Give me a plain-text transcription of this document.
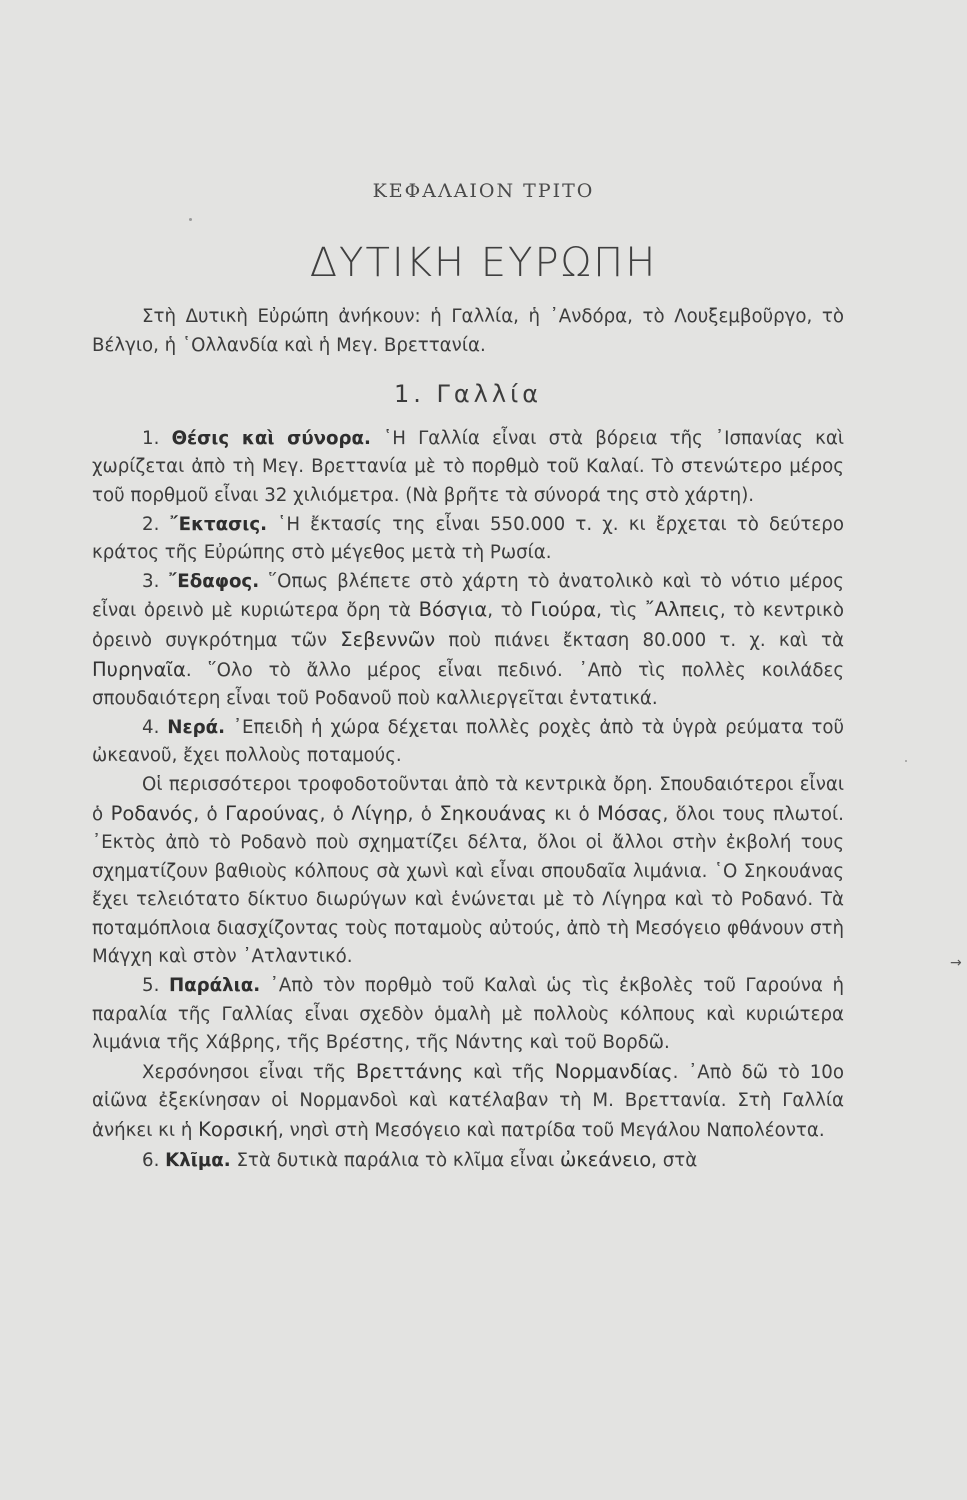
ΚΕΦΑΛΑΙΟΝ ΤΡΙΤΟ
ΔΥΤΙΚΗ ΕΥΡΩΠΗ

Στὴ Δυτικὴ Εὐρώπη ἀνήκουν: ἡ Γαλλία, ἡ ᾿Ανδόρα, τὸ Λουξεμβοῦργο, τὸ Βέλγιο, ἡ ῾Ολλανδία καὶ ἡ Μεγ. Βρεττανία.

1. Γαλλία

1. Θέσις καὶ σύνορα. ῾Η Γαλλία εἶναι στὰ βόρεια τῆς ᾿Ισπανίας καὶ χωρίζεται ἀπὸ τὴ Μεγ. Βρεττανία μὲ τὸ πορθμὸ τοῦ Καλαί. Τὸ στενώτερο μέρος τοῦ πορθμοῦ εἶναι 32 χιλιόμετρα. (Νὰ βρῆτε τὰ σύνορά της στὸ χάρτη).

2. ῎Εκτασις. ῾Η ἔκτασίς της εἶναι 550.000 τ. χ. κι ἔρχεται τὸ δεύτερο κράτος τῆς Εὐρώπης στὸ μέγεθος μετὰ τὴ Ρωσία.

3. ῎Εδαφος. ῞Οπως βλέπετε στὸ χάρτη τὸ ἀνατολικὸ καὶ τὸ νότιο μέρος εἶναι ὀρεινὸ μὲ κυριώτερα ὄρη τὰ Βόσγια, τὸ Γιούρα, τὶς ῎Αλπεις, τὸ κεντρικὸ ὀρεινὸ συγκρότημα τῶν Σεβεννῶν ποὺ πιάνει ἔκταση 80.000 τ. χ. καὶ τὰ Πυρηναῖα. ῞Ολο τὸ ἄλλο μέρος εἶναι πεδινό. ᾿Απὸ τὶς πολλὲς κοιλάδες σπουδαιότερη εἶναι τοῦ Ροδανοῦ ποὺ καλλιεργεῖται ἐντατικά.

4. Νερά. ᾿Επειδὴ ἡ χώρα δέχεται πολλὲς ροχὲς ἀπὸ τὰ ὑγρὰ ρεύματα τοῦ ὠκεανοῦ, ἔχει πολλοὺς ποταμούς.

Οἱ περισσότεροι τροφοδοτοῦνται ἀπὸ τὰ κεντρικὰ ὄρη. Σπουδαιότεροι εἶναι ὁ Ροδανός, ὁ Γαρούνας, ὁ Λίγηρ, ὁ Σηκουάνας κι ὁ Μόσας, ὅλοι τους πλωτοί. ᾿Εκτὸς ἀπὸ τὸ Ροδανὸ ποὺ σχηματίζει δέλτα, ὅλοι οἱ ἄλλοι στὴν ἐκβολή τους σχηματίζουν βαθιοὺς κόλπους σὰ χωνὶ καὶ εἶναι σπουδαῖα λιμάνια. ῾Ο Σηκουάνας ἔχει τελειότατο δίκτυο διωρύγων καὶ ἑνώνεται μὲ τὸ Λίγηρα καὶ τὸ Ροδανό. Τὰ ποταμόπλοια διασχίζοντας τοὺς ποταμοὺς αὐτούς, ἀπὸ τὴ Μεσόγειο φθάνουν στὴ Μάγχη καὶ στὸν ᾿Ατλαντικό.

5. Παράλια. ᾿Απὸ τὸν πορθμὸ τοῦ Καλαὶ ὡς τὶς ἐκβολὲς τοῦ Γαρούνα ἡ παραλία τῆς Γαλλίας εἶναι σχεδὸν ὁμαλὴ μὲ πολλοὺς κόλπους καὶ κυριώτερα λιμάνια τῆς Χάβρης, τῆς Βρέστης, τῆς Νάντης καὶ τοῦ Βορδῶ.

Χερσόνησοι εἶναι τῆς Βρεττάνης καὶ τῆς Νορμανδίας. ᾿Απὸ δῶ τὸ 10ο αἰῶνα ἐξεκίνησαν οἱ Νορμανδοὶ καὶ κατέλαβαν τὴ Μ. Βρεττανία. Στὴ Γαλλία ἀνήκει κι ἡ Κορσική, νησὶ στὴ Μεσόγειο καὶ πατρίδα τοῦ Μεγάλου Ναπολέοντα.

6. Κλῖμα. Στὰ δυτικὰ παράλια τὸ κλῖμα εἶναι ὠκεάνειο, στὰ

→
